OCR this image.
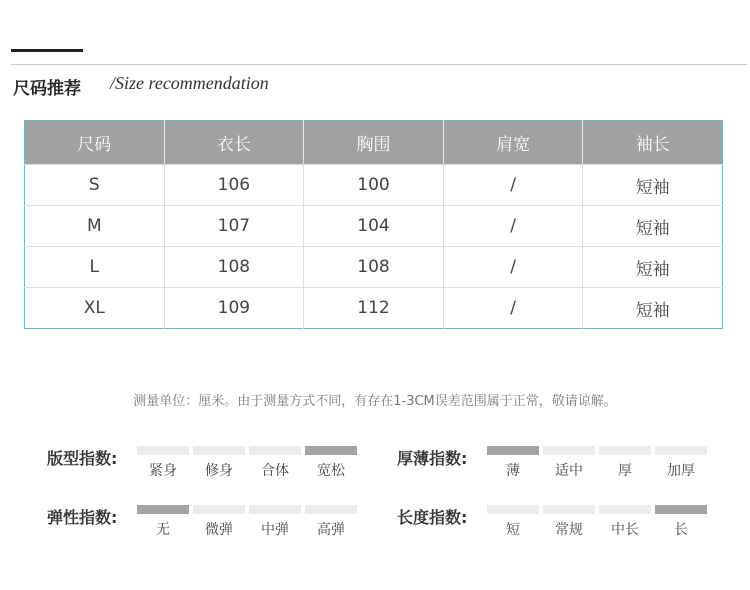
尺码推荐 /Size recommendation
尺码	衣长	胸围	肩宽	袖长
S	106	100	/	短袖
M	107	104	/	短袖
L	108	108	/	短袖
XL	109	112	/	短袖
测量单位：厘米。由于测量方式不同，有存在1-3CM误差范围属于正常，敬请谅解。
版型指数:
紧身	修身	合体	宽松
厚薄指数:
薄	适中	厚	加厚
弹性指数:
无	微弹	中弹	高弹
长度指数:
短	常规	中长	长
